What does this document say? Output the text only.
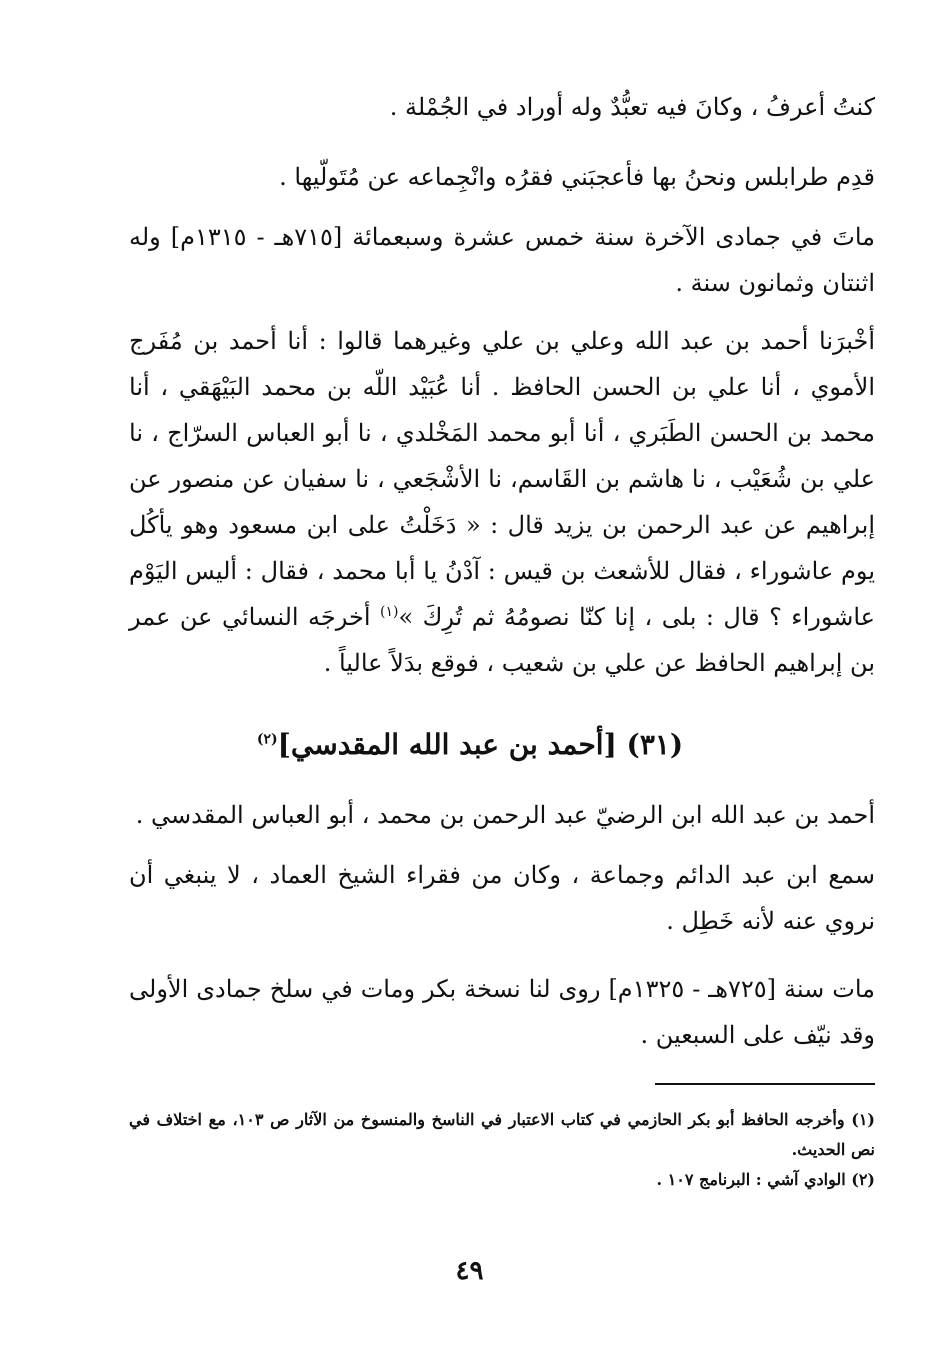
كنتُ أعرفُ ، وكانَ فيه تعبُّدٌ وله أوراد في الجُمْلة .

قدِم طرابلس ونحنُ بها فأعجبَني فقرُه وانْجِماعه عن مُتَولّيها .

ماتَ في جمادى الآخرة سنة خمس عشرة وسبعمائة [٧١٥هـ - ١٣١٥م] وله اثنتان وثمانون سنة .

أخْبرَنا أحمد بن عبد الله وعلي بن علي وغيرهما قالوا : أنا أحمد بن مُفَرج الأموي ، أنا علي بن الحسن الحافظ . أنا عُبَيْد اللّه بن محمد البَيْهَقي ، أنا محمد بن الحسن الطَبَري ، أنا أبو محمد المَخْلدي ، نا أبو العباس السرّاج ، نا علي بن شُعَيْب ، نا هاشم بن القَاسم، نا الأشْجَعي ، نا سفيان عن منصور عن إبراهيم عن عبد الرحمن بن يزيد قال : « دَخَلْتُ على ابن مسعود وهو يأكُل يوم عاشوراء ، فقال للأشعث بن قيس : آدْنُ يا أبا محمد ، فقال : أليس اليَوْم عاشوراء ؟ قال : بلى ، إنا كنّا نصومُهُ ثم تُرِكَ »$^{(١)}$ أخرجَه النسائي عن عمر بن إبراهيم الحافظ عن علي بن شعيب ، فوقع بدَلاً عالياً .
(٣١) [أحمد بن عبد الله المقدسي]$^{(٢)}$

أحمد بن عبد الله ابن الرضيّ عبد الرحمن بن محمد ، أبو العباس المقدسي .

سمع ابن عبد الدائم وجماعة ، وكان من فقراء الشيخ العماد ، لا ينبغي أن نروي عنه لأنه خَطِل .

مات سنة [٧٢٥هـ - ١٣٢٥م] روى لنا نسخة بكر ومات في سلخ جمادى الأولى وقد نيّف على السبعين .

(١) وأخرجه الحافظ أبو بكر الحازمي في كتاب الاعتبار في الناسخ والمنسوخ من الآثار ص ١٠٣، مع اختلاف في نص الحديث.

(٢) الوادي آشي : البرنامج ١٠٧ .

٤٩
